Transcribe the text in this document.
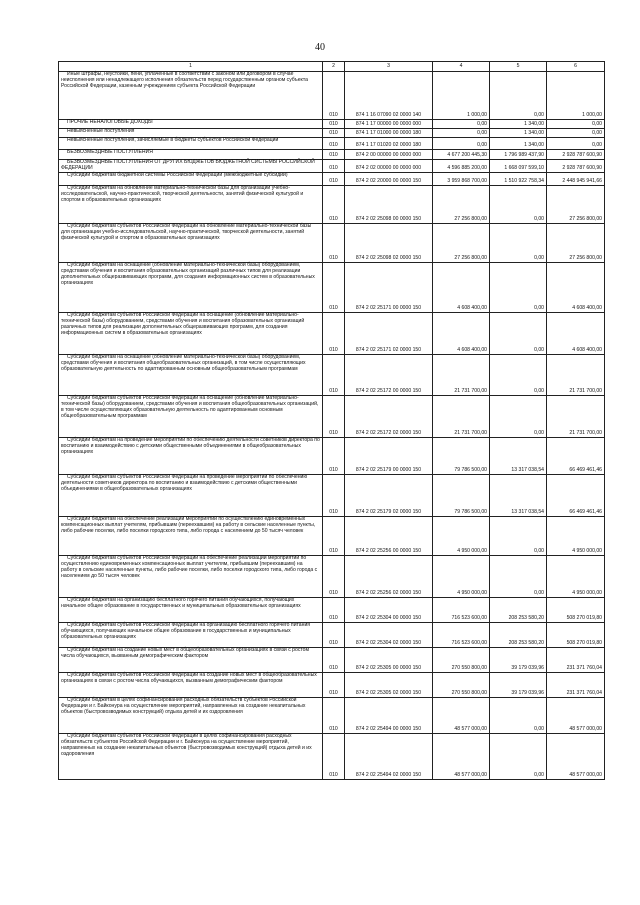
40
1	2	3	4	5	6
Иные штрафы, неустойки, пени, уплаченные в соответствии с законом или договором в случае неисполнения или ненадлежащего исполнения обязательств перед государственным органом субъекта Российской Федерации, казенным учреждением субъекта Российской Федерации	010	874 1 16 07090 02 0000 140	1 000,00	0,00	1 000,00
ПРОЧИЕ НЕНАЛОГОВЫЕ ДОХОДЫ	010	874 1 17 00000 00 0000 000	0,00	1 340,00	0,00
Невыясненные поступления	010	874 1 17 01000 00 0000 180	0,00	1 340,00	0,00
Невыясненные поступления, зачисляемые в бюджеты субъектов Российской Федерации	010	874 1 17 01020 02 0000 180	0,00	1 340,00	0,00
БЕЗВОЗМЕЗДНЫЕ ПОСТУПЛЕНИЯ	010	874 2 00 00000 00 0000 000	4 677 200 445,30	1 796 989 437,90	2 928 787 600,90
БЕЗВОЗМЕЗДНЫЕ ПОСТУПЛЕНИЯ ОТ ДРУГИХ БЮДЖЕТОВ БЮДЖЕТНОЙ СИСТЕМЫ РОССИЙСКОЙ ФЕДЕРАЦИИ	010	874 2 02 00000 00 0000 000	4 596 885 200,00	1 668 097 599,10	2 928 787 600,90
Субсидии бюджетам бюджетной системы Российской Федерации (межбюджетные субсидии)	010	874 2 02 20000 00 0000 150	3 959 868 700,00	1 510 922 758,34	2 448 945 941,66
Субсидии бюджетам на обновление материально-технической базы для организации учебно-исследовательской, научно-практической, творческой деятельности, занятий физической культурой и спортом в образовательных организациях	010	874 2 02 25098 00 0000 150	27 256 800,00	0,00	27 256 800,00
Субсидии бюджетам субъектов Российской Федерации на обновление материально-технической базы для организации учебно-исследовательской, научно-практической, творческой деятельности, занятий физической культурой и спортом в образовательных организациях	010	874 2 02 25098 02 0000 150	27 256 800,00	0,00	27 256 800,00
Субсидии бюджетам на оснащение (обновление материально-технической базы) оборудованием, средствами обучения и воспитания образовательных организаций различных типов для реализации дополнительных общеразвивающих программ, для создания информационных систем в образовательных организациях	010	874 2 02 25171 00 0000 150	4 608 400,00	0,00	4 608 400,00
Субсидии бюджетам субъектов Российской Федерации на оснащение (обновление материально-технической базы) оборудованием, средствами обучения и воспитания образовательных организаций различных типов для реализации дополнительных общеразвивающих программ, для создания информационных систем в образовательных организациях	010	874 2 02 25171 02 0000 150	4 608 400,00	0,00	4 608 400,00
Субсидии бюджетам на оснащение (обновление материально-технической базы) оборудованием, средствами обучения и воспитания общеобразовательных организаций, в том числе осуществляющих образовательную деятельность по адаптированным основным общеобразовательным программам	010	874 2 02 25172 00 0000 150	21 731 700,00	0,00	21 731 700,00
Субсидии бюджетам субъектов Российской Федерации на оснащение (обновление материально-технической базы) оборудованием, средствами обучения и воспитания общеобразовательных организаций, в том числе осуществляющих образовательную деятельность по адаптированным основным общеобразовательным программам	010	874 2 02 25172 02 0000 150	21 731 700,00	0,00	21 731 700,00
Субсидии бюджетам на проведение мероприятий по обеспечению деятельности советников директора по воспитанию и взаимодействию с детскими общественными объединениями в общеобразовательных организациях	010	874 2 02 25179 00 0000 150	79 786 500,00	13 317 038,54	66 469 461,46
Субсидии бюджетам субъектов Российской Федерации на проведение мероприятий по обеспечению деятельности советников директора по воспитанию и взаимодействию с детскими общественными объединениями в общеобразовательных организациях	010	874 2 02 25179 02 0000 150	79 786 500,00	13 317 038,54	66 469 461,46
Субсидии бюджетам на обеспечение реализации мероприятий по осуществлению единовременных компенсационных выплат учителям, прибывшим (переехавшим) на работу в сельские населенные пункты, либо рабочие поселки, либо поселки городского типа, либо города с населением до 50 тысяч человек	010	874 2 02 25256 00 0000 150	4 950 000,00	0,00	4 950 000,00
Субсидии бюджетам субъектов Российской Федерации на обеспечение реализации мероприятий по осуществлению единовременных компенсационных выплат учителям, прибывшим (переехавшим) на работу в сельские населенные пункты, либо рабочие поселки, либо поселки городского типа, либо города с населением до 50 тысяч человек	010	874 2 02 25256 02 0000 150	4 950 000,00	0,00	4 950 000,00
Субсидии бюджетам на организацию бесплатного горячего питания обучающихся, получающих начальное общее образование в государственных и муниципальных образовательных организациях	010	874 2 02 25304 00 0000 150	716 523 600,00	208 253 580,20	508 270 019,80
Субсидии бюджетам субъектов Российской Федерации на организацию бесплатного горячего питания обучающихся, получающих начальное общее образование в государственных и муниципальных образовательных организациях	010	874 2 02 25304 02 0000 150	716 523 600,00	208 253 580,20	508 270 019,80
Субсидии бюджетам на создание новых мест в общеобразовательных организациях в связи с ростом числа обучающихся, вызванным демографическим фактором	010	874 2 02 25305 00 0000 150	270 550 800,00	39 179 039,96	231 371 760,04
Субсидии бюджетам субъектов Российской Федерации на создание новых мест в общеобразовательных организациях в связи с ростом числа обучающихся, вызванным демографическим фактором	010	874 2 02 25305 02 0000 150	270 550 800,00	39 179 039,96	231 371 760,04
Субсидии бюджетам в целях софинансирования расходных обязательств субъектов Российской Федерации и г. Байконура на осуществление мероприятий, направленных на создание некапитальных объектов (быстровозводимых конструкций) отдыха детей и их оздоровления	010	874 2 02 25494 00 0000 150	48 577 000,00	0,00	48 577 000,00
Субсидии бюджетам субъектов Российской Федерации в целях софинансирования расходных обязательств субъектов Российской Федерации и г. Байконура на осуществление мероприятий, направленных на создание некапитальных объектов (быстровозводимых конструкций) отдыха детей и их оздоровления	010	874 2 02 25494 02 0000 150	48 577 000,00	0,00	48 577 000,00
